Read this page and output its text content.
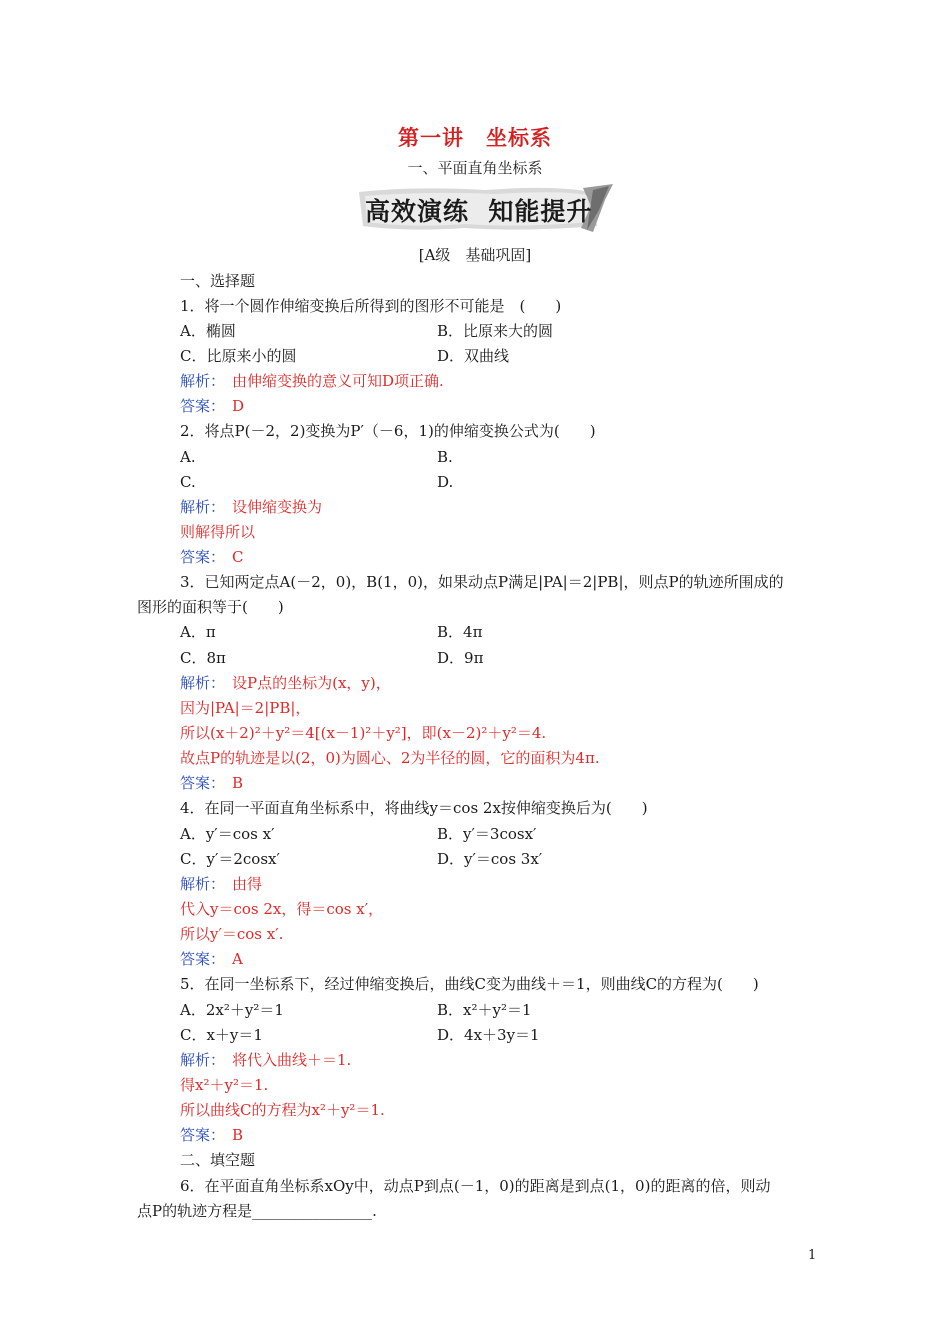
第一讲　坐标系
一、平面直角坐标系
高效演练  知能提升
[A级　基础巩固]
一、选择题
1．将一个圆作伸缩变换后所得到的图形不可能是　(　　)
A．椭圆	B．比原来大的圆
C．比原来小的圆	D．双曲线
解析： 由伸缩变换的意义可知D项正确.
答案： D
2．将点P(－2，2)变换为P′（－6，1)的伸缩变换公式为(　　)
A.	B.
C.	D.
解析： 设伸缩变换为
则解得所以
答案： C
3．已知两定点A(－2，0)，B(1，0)，如果动点P满足|PA|＝2|PB|，则点P的轨迹所围成的
图形的面积等于(　　)
A．π	B．4π
C．8π	D．9π
解析： 设P点的坐标为(x，y)，
因为|PA|＝2|PB|，
所以(x＋2)²＋y²＝4[(x－1)²＋y²]，即(x－2)²＋y²＝4.
故点P的轨迹是以(2，0)为圆心、2为半径的圆，它的面积为4π.
答案： B
4．在同一平面直角坐标系中，将曲线y＝cos 2x按伸缩变换后为(　　)
A．y′＝cos x′	B．y′＝3cosx′
C．y′＝2cosx′	D．y′＝cos 3x′
解析： 由得
代入y＝cos 2x，得＝cos x′，
所以y′＝cos x′.
答案： A
5．在同一坐标系下，经过伸缩变换后，曲线C变为曲线＋＝1，则曲线C的方程为(　　)
A．2x²＋y²＝1	B．x²＋y²＝1
C．x＋y＝1	D．4x＋3y＝1
解析： 将代入曲线＋＝1.
得x²＋y²＝1.
所以曲线C的方程为x²＋y²＝1.
答案： B
二、填空题
6．在平面直角坐标系xOy中，动点P到点(－1，0)的距离是到点(1，0)的距离的倍，则动
点P的轨迹方程是________________.
1
